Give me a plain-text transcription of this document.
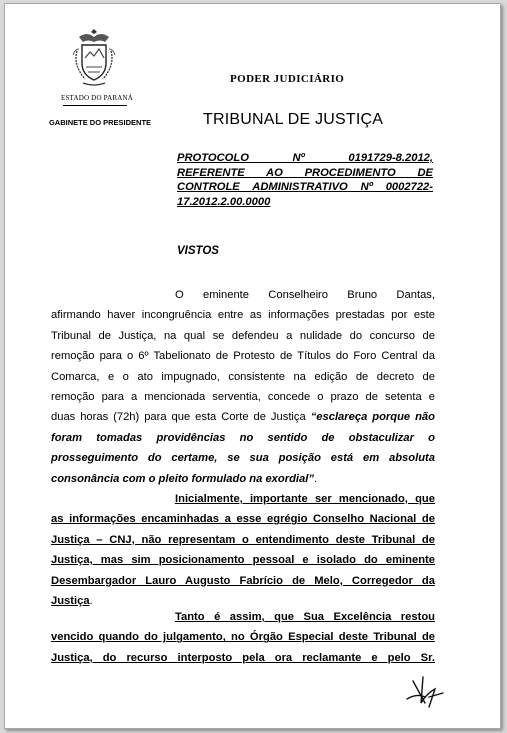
ESTADO DO PARANÁ
GABINETE DO PRESIDENTE
PODER JUDICIÁRIO
TRIBUNAL DE JUSTIÇA
PROTOCOLO Nº 0191729-8.2012,
REFERENTE AO PROCEDIMENTO DE
CONTROLE ADMINISTRATIVO Nº 0002722-
17.2012.2.00.0000
VISTOS
O eminente Conselheiro Bruno Dantas,
afirmando haver incongruência entre as informações prestadas por este
Tribunal de Justiça, na qual se defendeu a nulidade do concurso de
remoção para o 6º Tabelionato de Protesto de Títulos do Foro Central da
Comarca, e o ato impugnado, consistente na edição de decreto de
remoção para a mencionada serventia, concede o prazo de setenta e
duas horas (72h) para que esta Corte de Justiça “esclareça porque não
foram tomadas providências no sentido de obstaculizar o
prosseguimento do certame, se sua posição está em absoluta
consonância com o pleito formulado na exordial”.
Inicialmente, importante ser mencionado, que
as informações encaminhadas a esse egrégio Conselho Nacional de
Justiça – CNJ, não representam o entendimento deste Tribunal de
Justiça, mas sim posicionamento pessoal e isolado do eminente
Desembargador Lauro Augusto Fabrício de Melo, Corregedor da
Justiça.
Tanto é assim, que Sua Excelência restou
vencido quando do julgamento, no Órgão Especial deste Tribunal de
Justiça, do recurso interposto pela ora reclamante e pelo Sr.
